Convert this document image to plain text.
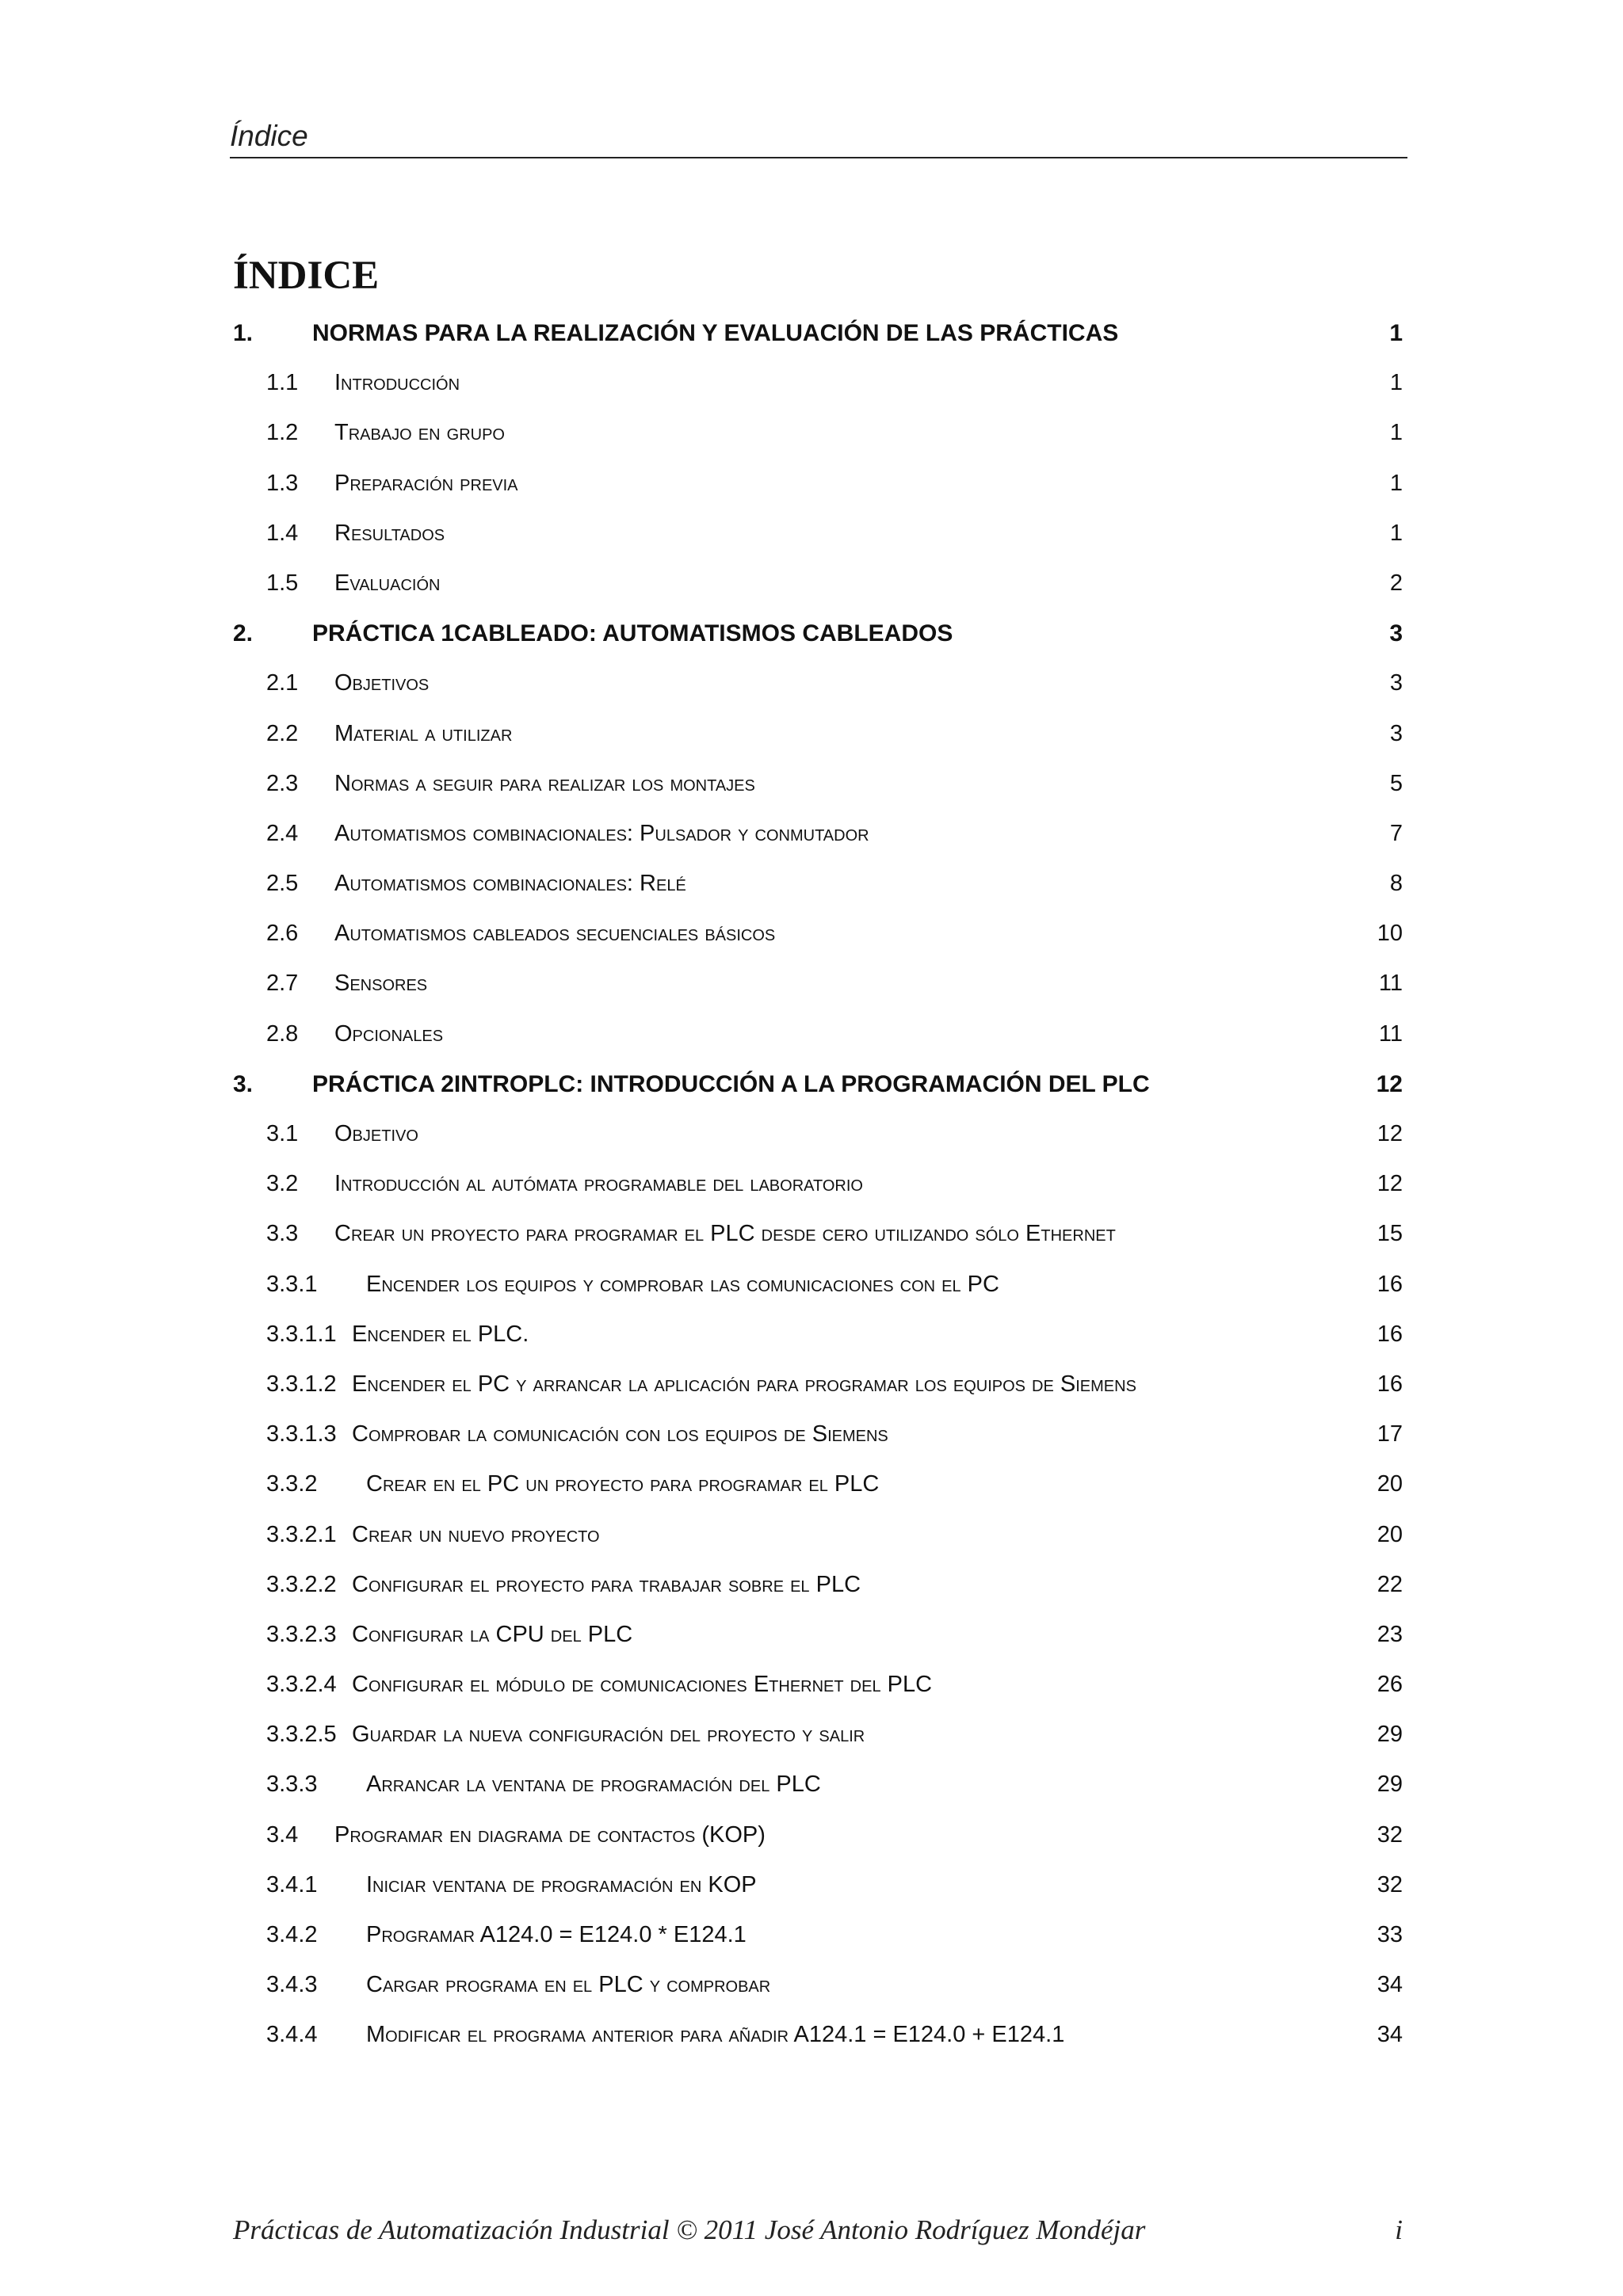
Índice
ÍNDICE
1. NORMAS PARA LA REALIZACIÓN Y EVALUACIÓN DE LAS PRÁCTICAS	1
1.1 Introducción	1
1.2 Trabajo en grupo	1
1.3 Preparación previa	1
1.4 Resultados	1
1.5 Evaluación	2
2. PRÁCTICA 1CABLEADO: AUTOMATISMOS CABLEADOS	3
2.1 Objetivos	3
2.2 Material a utilizar	3
2.3 Normas a seguir para realizar los montajes	5
2.4 Automatismos combinacionales: Pulsador y conmutador	7
2.5 Automatismos combinacionales: Relé	8
2.6 Automatismos cableados secuenciales básicos	10
2.7 Sensores	11
2.8 Opcionales	11
3. PRÁCTICA 2INTROPLC: INTRODUCCIÓN A LA PROGRAMACIÓN DEL PLC	12
3.1 Objetivo	12
3.2 Introducción al autómata programable del laboratorio	12
3.3 Crear un proyecto para programar el PLC desde cero utilizando sólo Ethernet	15
3.3.1 Encender los equipos y comprobar las comunicaciones con el PC	16
3.3.1.1 Encender el PLC.	16
3.3.1.2 Encender el PC y arrancar la aplicación para programar los equipos de Siemens	16
3.3.1.3 Comprobar la comunicación con los equipos de Siemens	17
3.3.2 Crear en el PC un proyecto para programar el PLC	20
3.3.2.1 Crear un nuevo proyecto	20
3.3.2.2 Configurar el proyecto para trabajar sobre el PLC	22
3.3.2.3 Configurar la CPU del PLC	23
3.3.2.4 Configurar el módulo de comunicaciones Ethernet del PLC	26
3.3.2.5 Guardar la nueva configuración del proyecto y salir	29
3.3.3 Arrancar la ventana de programación del PLC	29
3.4 Programar en diagrama de contactos (KOP)	32
3.4.1 Iniciar ventana de programación en KOP	32
3.4.2 Programar A124.0 = E124.0 * E124.1	33
3.4.3 Cargar programa en el PLC y comprobar	34
3.4.4 Modificar el programa anterior para añadir A124.1 = E124.0 + E124.1	34
Prácticas de Automatización Industrial © 2011 José Antonio Rodríguez Mondéjar	i
